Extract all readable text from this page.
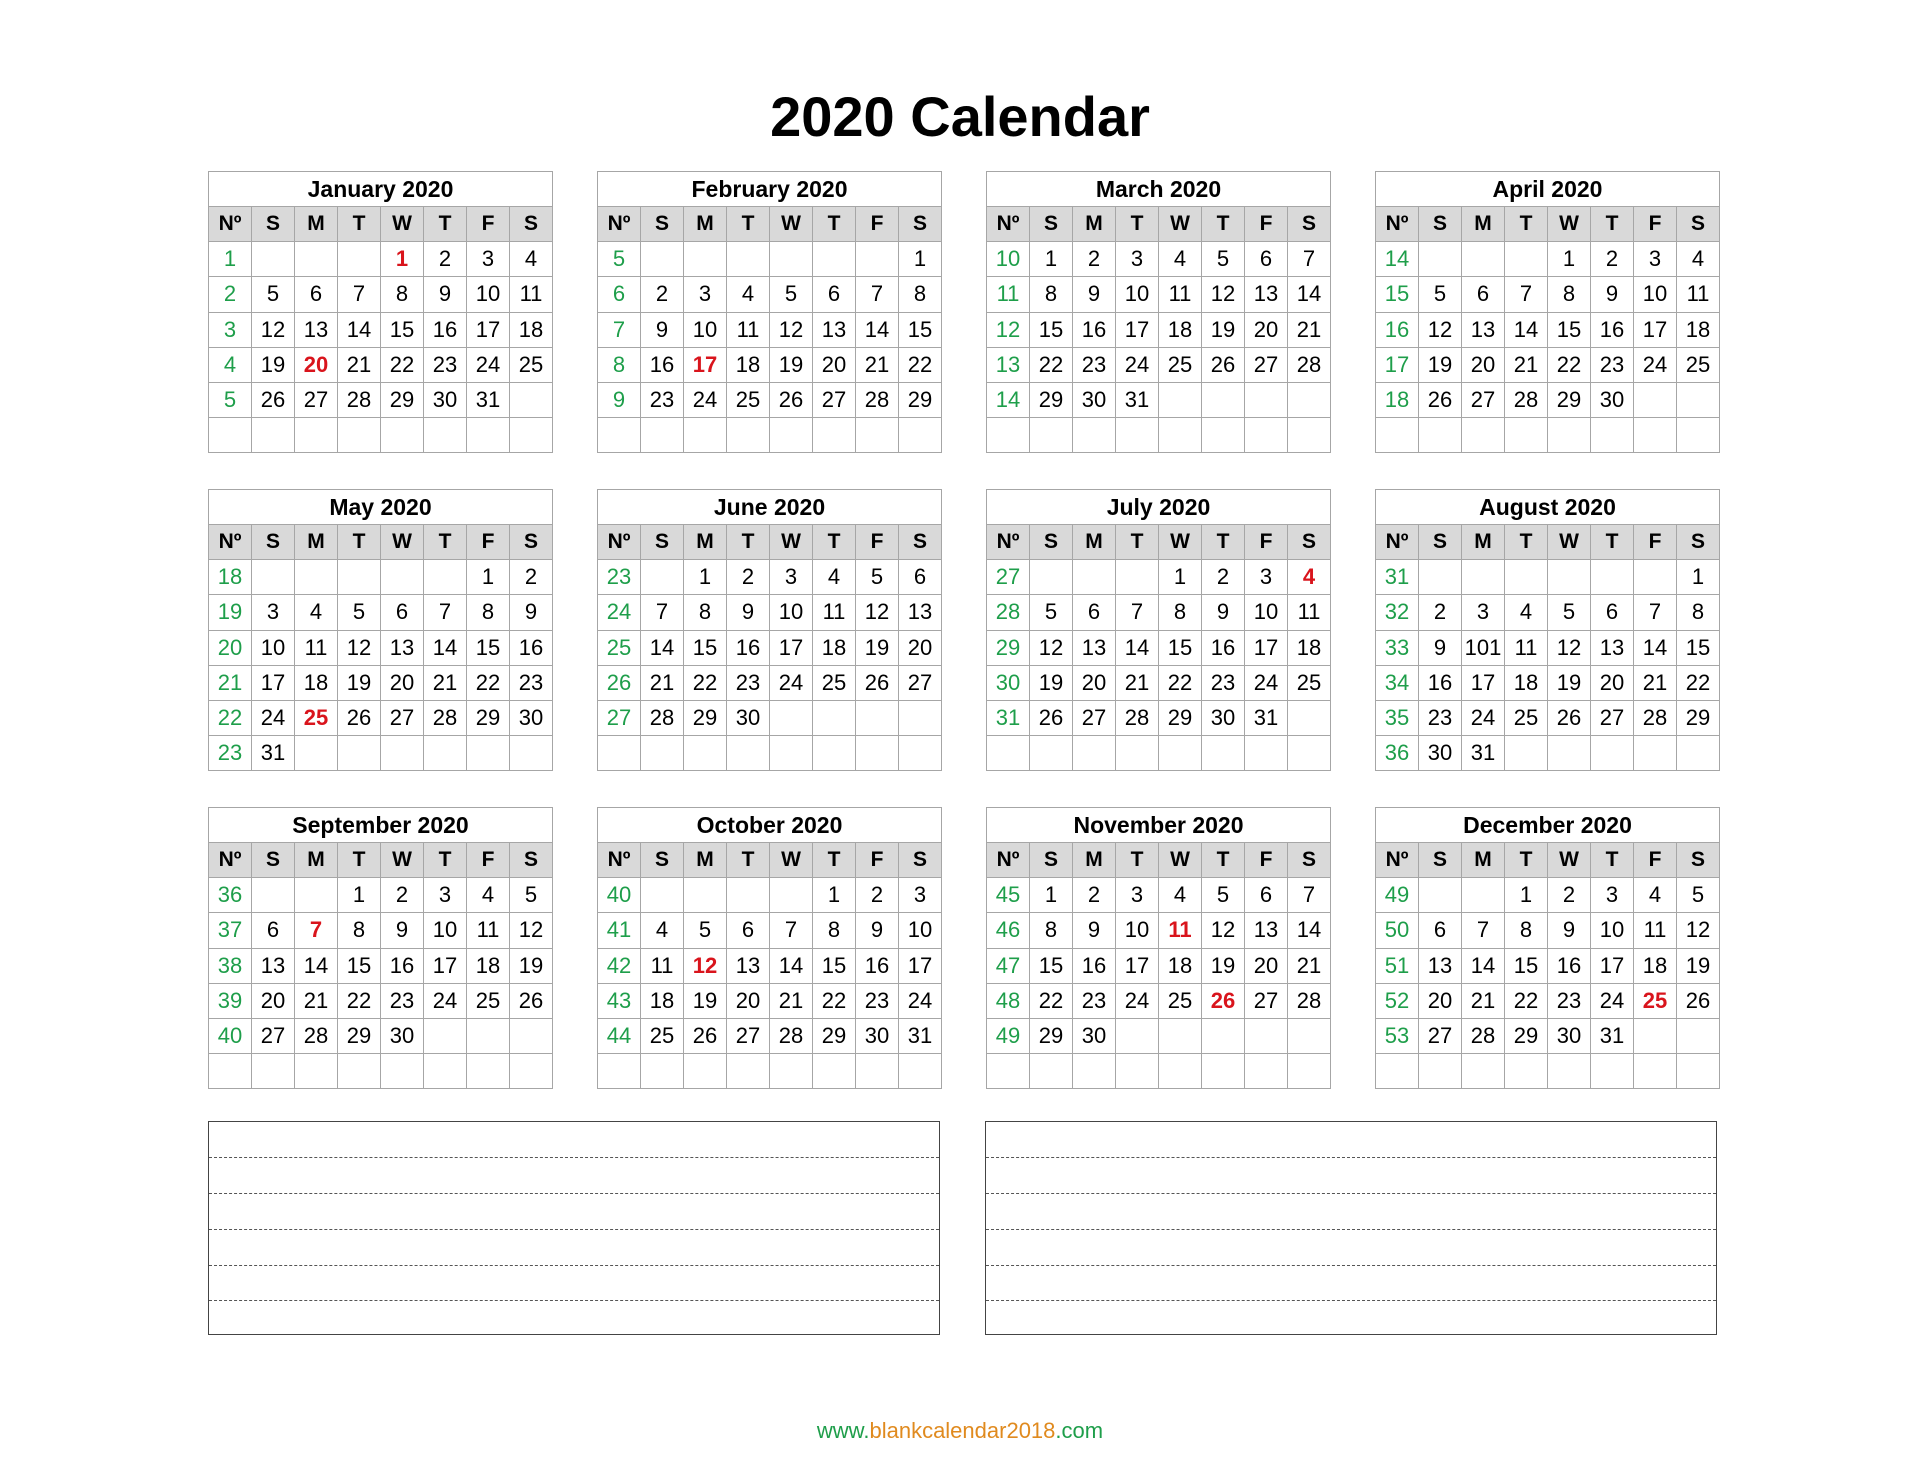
2020 Calendar
January 2020							
Nº	S	M	T	W	T	F	S
1				1	2	3	4
2	5	6	7	8	9	10	11
3	12	13	14	15	16	17	18
4	19	20	21	22	23	24	25
5	26	27	28	29	30	31	

February 2020							
Nº	S	M	T	W	T	F	S
5							1
6	2	3	4	5	6	7	8
7	9	10	11	12	13	14	15
8	16	17	18	19	20	21	22
9	23	24	25	26	27	28	29

March 2020							
Nº	S	M	T	W	T	F	S
10	1	2	3	4	5	6	7
11	8	9	10	11	12	13	14
12	15	16	17	18	19	20	21
13	22	23	24	25	26	27	28
14	29	30	31				

April 2020							
Nº	S	M	T	W	T	F	S
14				1	2	3	4
15	5	6	7	8	9	10	11
16	12	13	14	15	16	17	18
17	19	20	21	22	23	24	25
18	26	27	28	29	30		

May 2020							
Nº	S	M	T	W	T	F	S
18						1	2
19	3	4	5	6	7	8	9
20	10	11	12	13	14	15	16
21	17	18	19	20	21	22	23
22	24	25	26	27	28	29	30
23	31						
June 2020							
Nº	S	M	T	W	T	F	S
23		1	2	3	4	5	6
24	7	8	9	10	11	12	13
25	14	15	16	17	18	19	20
26	21	22	23	24	25	26	27
27	28	29	30				

July 2020							
Nº	S	M	T	W	T	F	S
27				1	2	3	4
28	5	6	7	8	9	10	11
29	12	13	14	15	16	17	18
30	19	20	21	22	23	24	25
31	26	27	28	29	30	31	

August 2020							
Nº	S	M	T	W	T	F	S
31							1
32	2	3	4	5	6	7	8
33	9	101	11	12	13	14	15
34	16	17	18	19	20	21	22
35	23	24	25	26	27	28	29
36	30	31					
September 2020							
Nº	S	M	T	W	T	F	S
36			1	2	3	4	5
37	6	7	8	9	10	11	12
38	13	14	15	16	17	18	19
39	20	21	22	23	24	25	26
40	27	28	29	30			

October 2020							
Nº	S	M	T	W	T	F	S
40					1	2	3
41	4	5	6	7	8	9	10
42	11	12	13	14	15	16	17
43	18	19	20	21	22	23	24
44	25	26	27	28	29	30	31

November 2020							
Nº	S	M	T	W	T	F	S
45	1	2	3	4	5	6	7
46	8	9	10	11	12	13	14
47	15	16	17	18	19	20	21
48	22	23	24	25	26	27	28
49	29	30					

December 2020							
Nº	S	M	T	W	T	F	S
49			1	2	3	4	5
50	6	7	8	9	10	11	12
51	13	14	15	16	17	18	19
52	20	21	22	23	24	25	26
53	27	28	29	30	31		

www.blankcalendar2018.com
